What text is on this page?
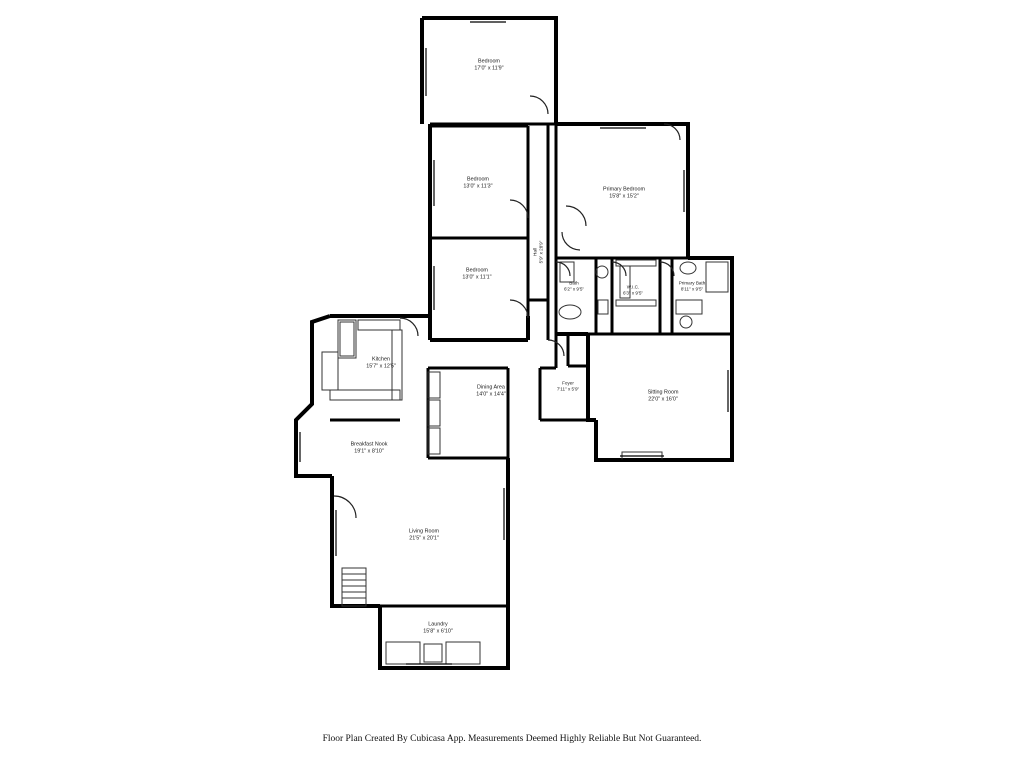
Bedroom
17'0" x 11'9"
Bedroom
13'0" x 11'3"
Bedroom
13'0" x 11'1"
Primary Bedroom
15'8" x 15'2"
Hall 5'9" x 28'9"
Bath
6'2" x 9'5"	W.I.C.
6'3" x 9'5"
Primary Bath
8'11" x 9'5"
Kitchen
15'7" x 12'5"
Dining Area
14'0" x 14'4"
Foyer
7'11" x 5'9"
Sitting Room
22'0" x 16'0"
Breakfast Nook
19'1" x 8'10"
Living Room
21'5" x 20'1"
Laundry
15'8" x 6'10"
Floor Plan Created By Cubicasa App. Measurements Deemed Highly Reliable But Not Guaranteed.
